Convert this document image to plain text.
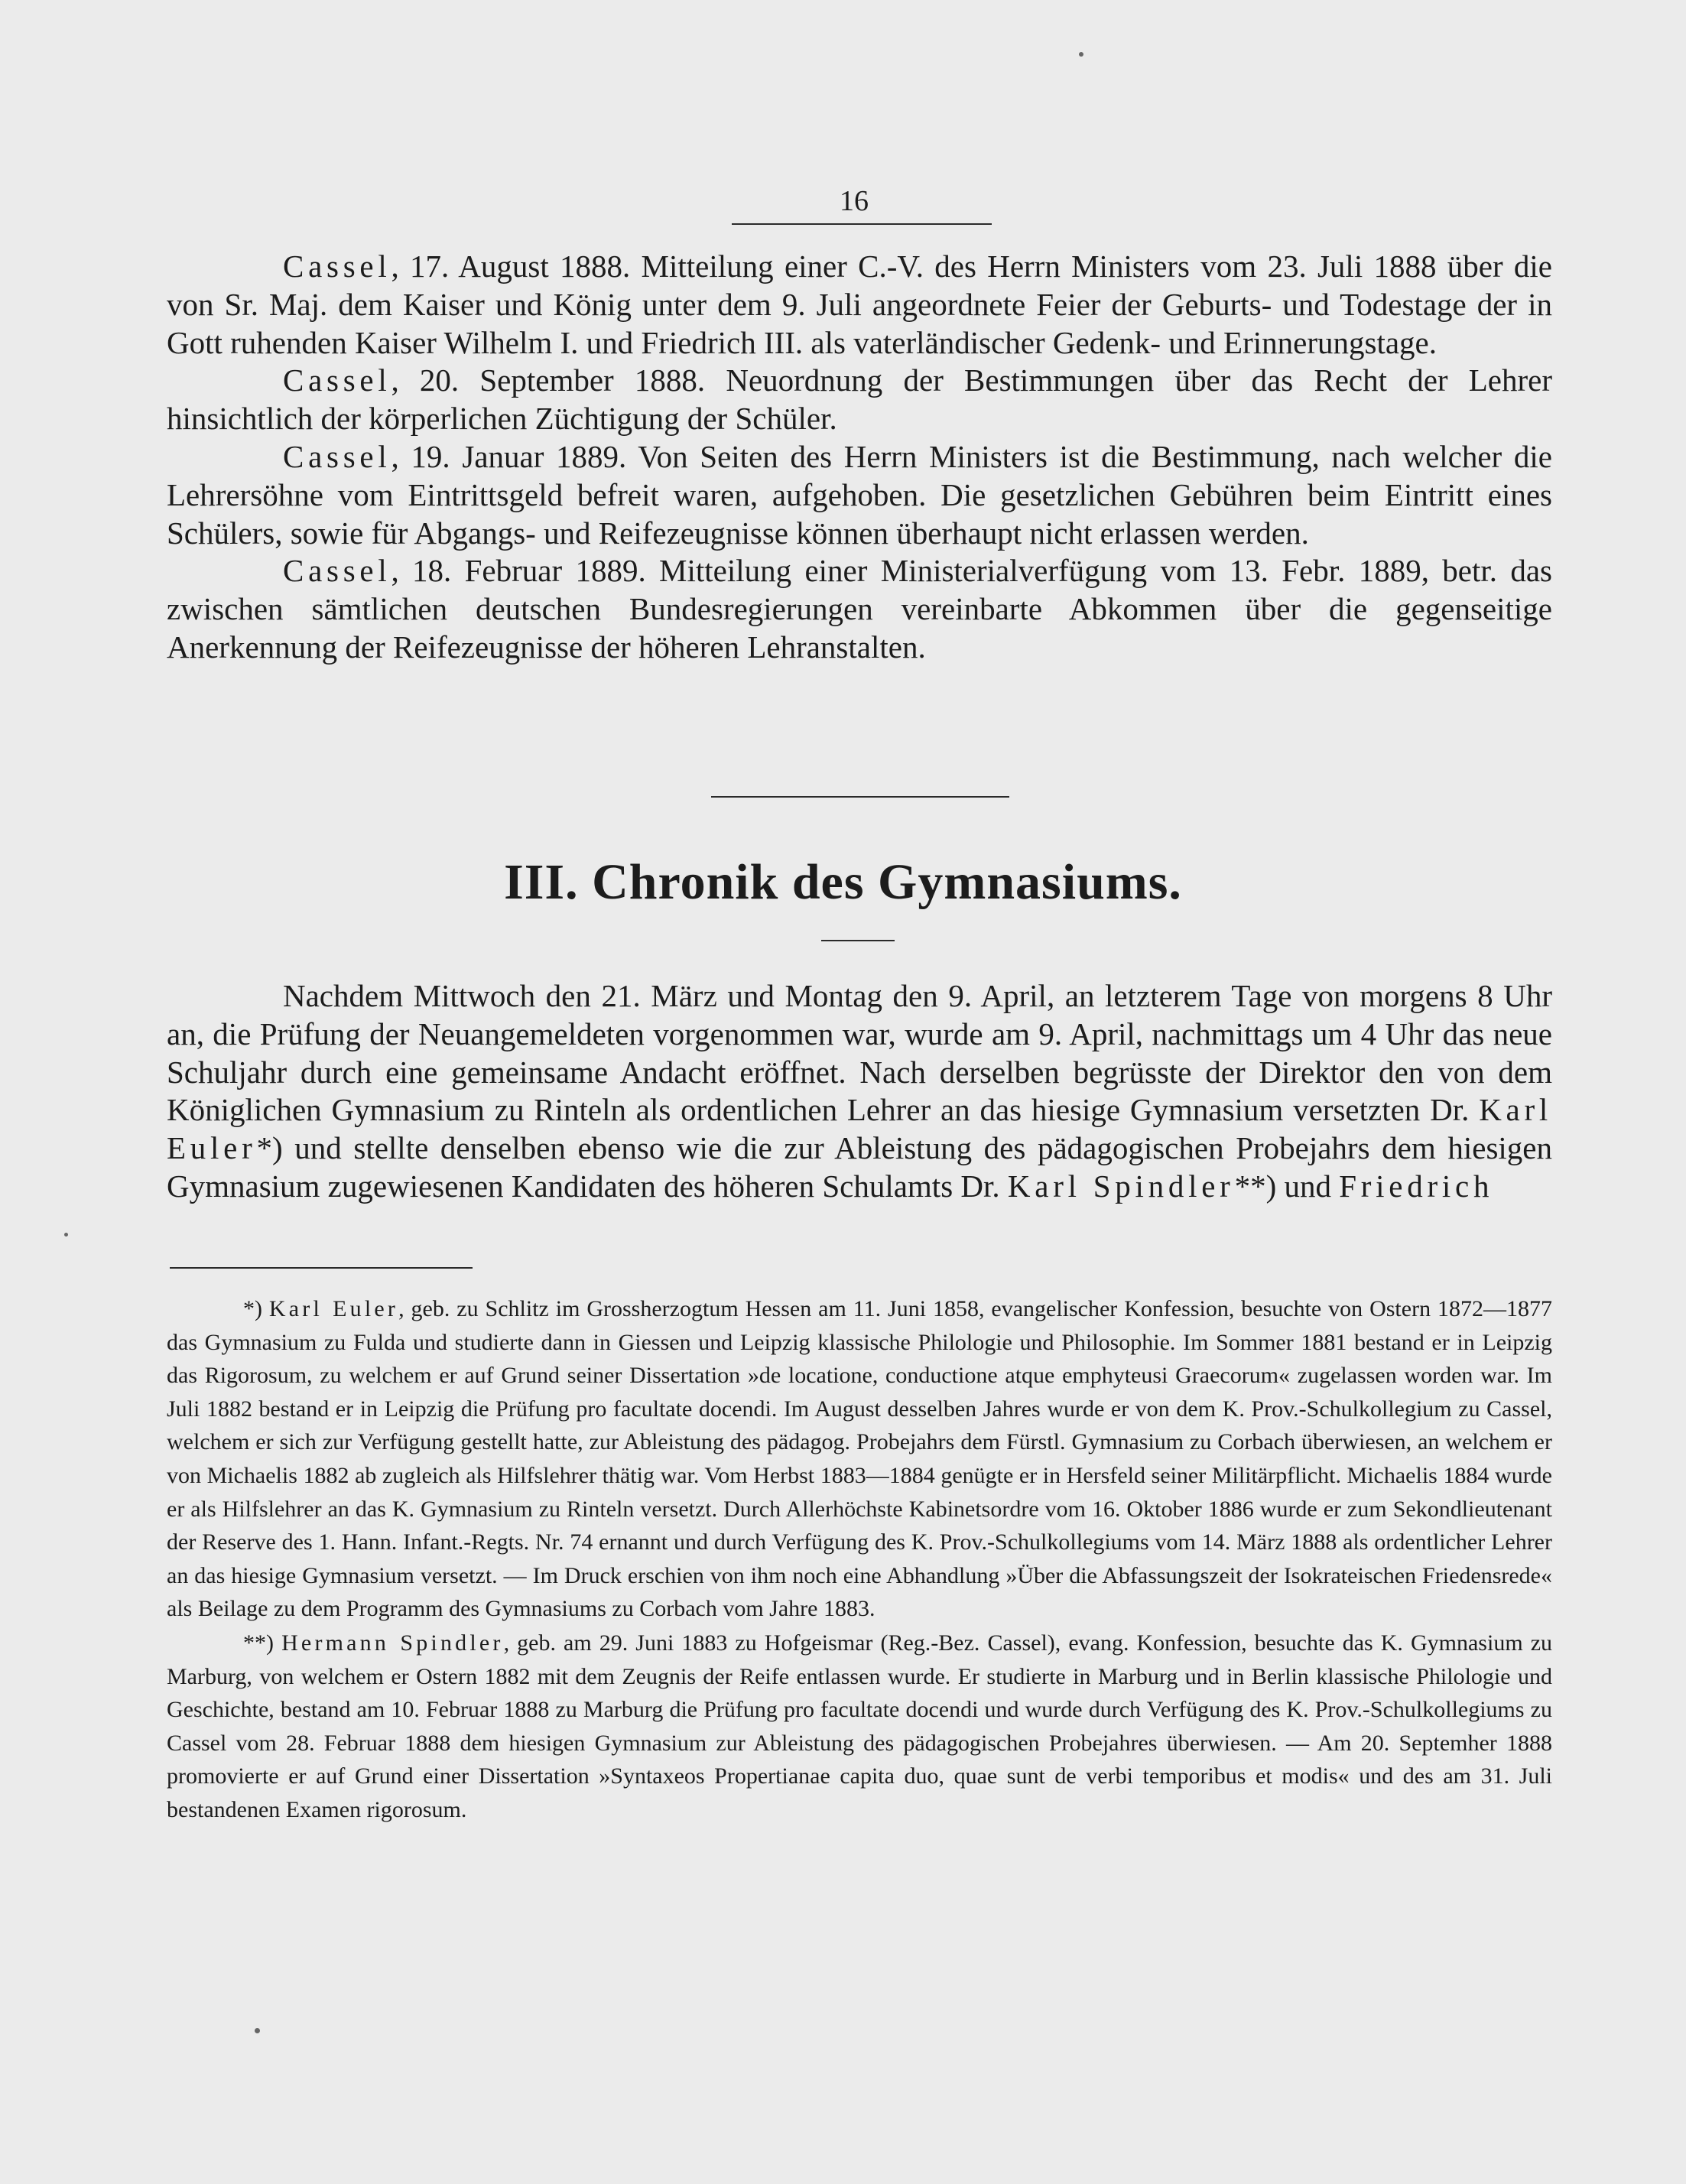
16

Cassel, 17. August 1888. Mitteilung einer C.-V. des Herrn Ministers vom 23. Juli 1888 über die von Sr. Maj. dem Kaiser und König unter dem 9. Juli angeordnete Feier der Geburts- und Todestage der in Gott ruhenden Kaiser Wilhelm I. und Friedrich III. als vaterländischer Gedenk- und Erinnerungstage.

Cassel, 20. September 1888. Neuordnung der Bestimmungen über das Recht der Lehrer hinsichtlich der körperlichen Züchtigung der Schüler.

Cassel, 19. Januar 1889. Von Seiten des Herrn Ministers ist die Bestimmung, nach welcher die Lehrersöhne vom Eintrittsgeld befreit waren, aufgehoben. Die gesetzlichen Gebühren beim Eintritt eines Schülers, sowie für Abgangs- und Reifezeugnisse können überhaupt nicht erlassen werden.

Cassel, 18. Februar 1889. Mitteilung einer Ministerialverfügung vom 13. Febr. 1889, betr. das zwischen sämtlichen deutschen Bundesregierungen vereinbarte Abkommen über die gegenseitige Anerkennung der Reifezeugnisse der höheren Lehranstalten.

III. Chronik des Gymnasiums.

Nachdem Mittwoch den 21. März und Montag den 9. April, an letzterem Tage von morgens 8 Uhr an, die Prüfung der Neuangemeldeten vorgenommen war, wurde am 9. April, nachmittags um 4 Uhr das neue Schuljahr durch eine gemeinsame Andacht eröffnet. Nach derselben begrüsste der Direktor den von dem Königlichen Gymnasium zu Rinteln als ordentlichen Lehrer an das hiesige Gymnasium versetzten Dr. Karl Euler*) und stellte denselben ebenso wie die zur Ableistung des pädagogischen Probejahrs dem hiesigen Gymnasium zugewiesenen Kandidaten des höheren Schulamts Dr. Karl Spindler**) und Friedrich

*) Karl Euler, geb. zu Schlitz im Grossherzogtum Hessen am 11. Juni 1858, evangelischer Konfession, besuchte von Ostern 1872—1877 das Gymnasium zu Fulda und studierte dann in Giessen und Leipzig klassische Philologie und Philosophie. Im Sommer 1881 bestand er in Leipzig das Rigorosum, zu welchem er auf Grund seiner Dissertation »de locatione, conductione atque emphyteusi Graecorum« zugelassen worden war. Im Juli 1882 bestand er in Leipzig die Prüfung pro facultate docendi. Im August desselben Jahres wurde er von dem K. Prov.-Schulkollegium zu Cassel, welchem er sich zur Verfügung gestellt hatte, zur Ableistung des pädagog. Probejahrs dem Fürstl. Gymnasium zu Corbach überwiesen, an welchem er von Michaelis 1882 ab zugleich als Hilfslehrer thätig war. Vom Herbst 1883—1884 genügte er in Hersfeld seiner Militärpflicht. Michaelis 1884 wurde er als Hilfslehrer an das K. Gymnasium zu Rinteln versetzt. Durch Allerhöchste Kabinetsordre vom 16. Oktober 1886 wurde er zum Sekondlieutenant der Reserve des 1. Hann. Infant.-Regts. Nr. 74 ernannt und durch Verfügung des K. Prov.-Schulkollegiums vom 14. März 1888 als ordentlicher Lehrer an das hiesige Gymnasium versetzt. — Im Druck erschien von ihm noch eine Abhandlung »Über die Abfassungszeit der Isokrateischen Friedensrede« als Beilage zu dem Programm des Gymnasiums zu Corbach vom Jahre 1883.

**) Hermann Spindler, geb. am 29. Juni 1883 zu Hofgeismar (Reg.-Bez. Cassel), evang. Konfession, besuchte das K. Gymnasium zu Marburg, von welchem er Ostern 1882 mit dem Zeugnis der Reife entlassen wurde. Er studierte in Marburg und in Berlin klassische Philologie und Geschichte, bestand am 10. Februar 1888 zu Marburg die Prüfung pro facultate docendi und wurde durch Verfügung des K. Prov.-Schulkollegiums zu Cassel vom 28. Februar 1888 dem hiesigen Gymnasium zur Ableistung des pädagogischen Probejahres überwiesen. — Am 20. Septemher 1888 promovierte er auf Grund einer Dissertation »Syntaxeos Propertianae capita duo, quae sunt de verbi temporibus et modis« und des am 31. Juli bestandenen Examen rigorosum.
